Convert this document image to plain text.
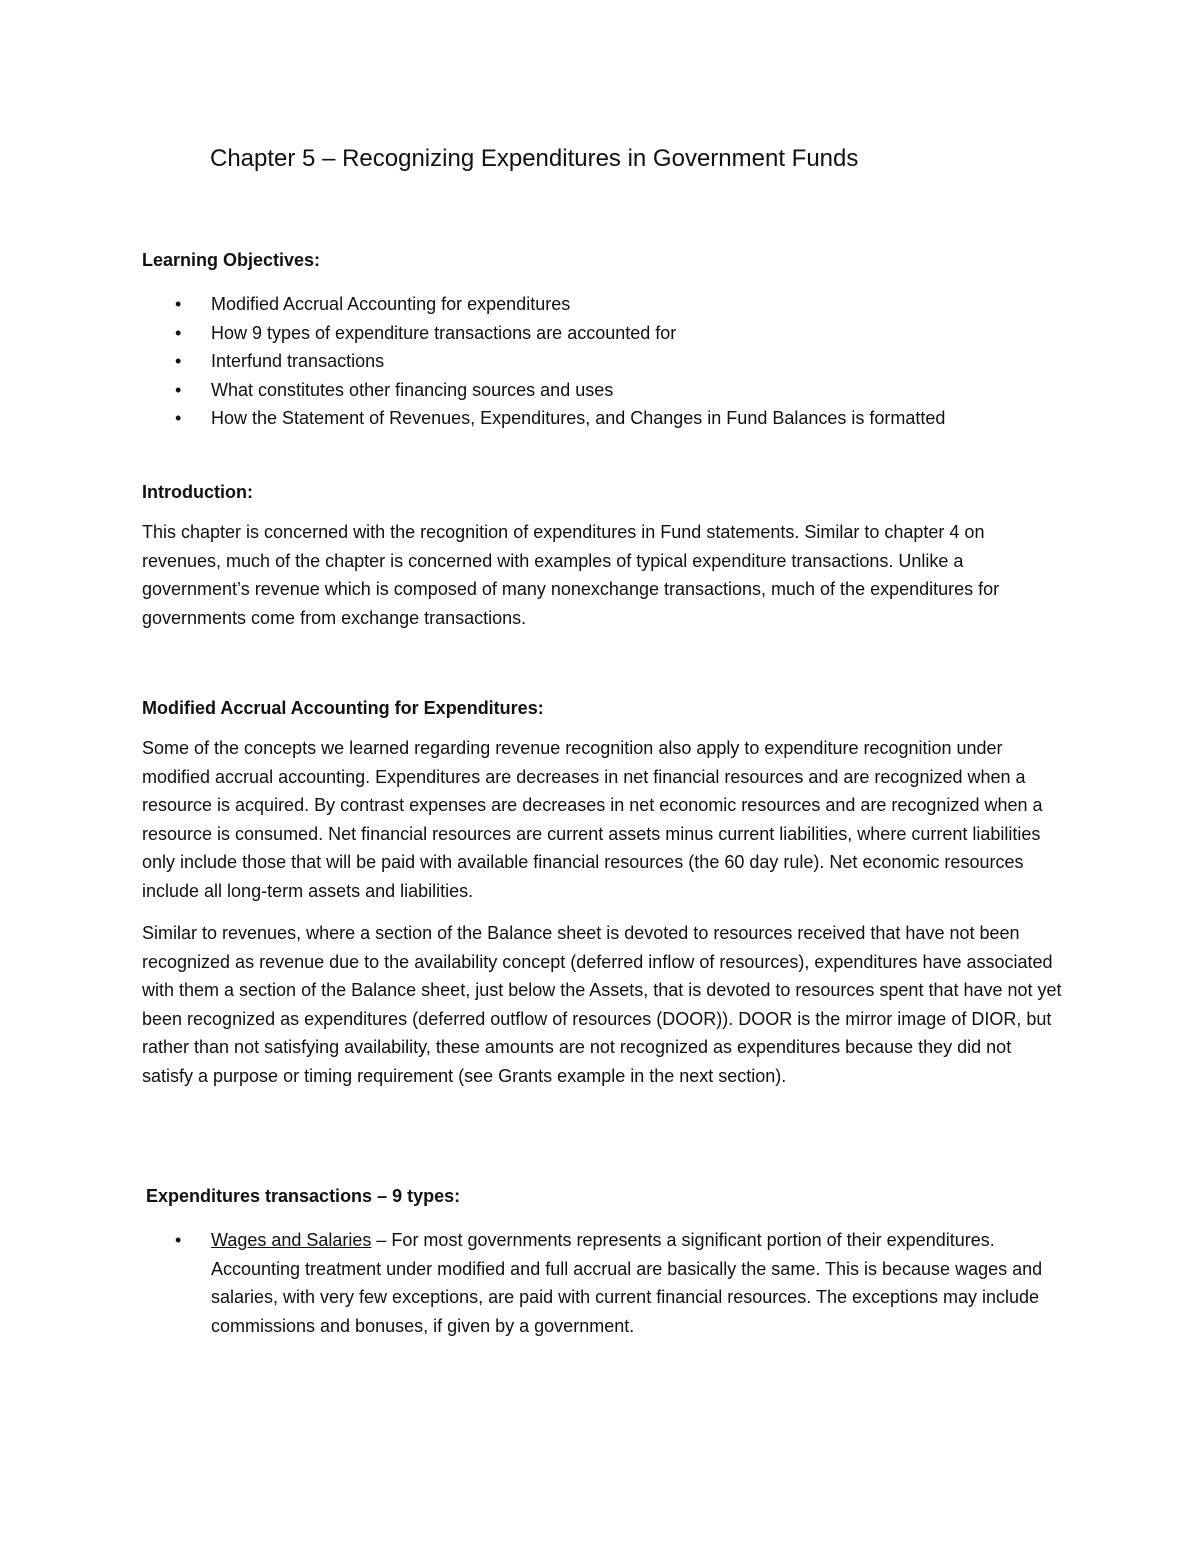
Chapter 5 – Recognizing Expenditures in Government Funds

Learning Objectives:

• Modified Accrual Accounting for expenditures
• How 9 types of expenditure transactions are accounted for
• Interfund transactions
• What constitutes other financing sources and uses
• How the Statement of Revenues, Expenditures, and Changes in Fund Balances is formatted

Introduction:

This chapter is concerned with the recognition of expenditures in Fund statements. Similar to chapter 4 on revenues, much of the chapter is concerned with examples of typical expenditure transactions. Unlike a government’s revenue which is composed of many nonexchange transactions, much of the expenditures for governments come from exchange transactions.

Modified Accrual Accounting for Expenditures:

Some of the concepts we learned regarding revenue recognition also apply to expenditure recognition under modified accrual accounting. Expenditures are decreases in net financial resources and are recognized when a resource is acquired. By contrast expenses are decreases in net economic resources and are recognized when a resource is consumed. Net financial resources are current assets minus current liabilities, where current liabilities only include those that will be paid with available financial resources (the 60 day rule). Net economic resources include all long-term assets and liabilities.

Similar to revenues, where a section of the Balance sheet is devoted to resources received that have not been recognized as revenue due to the availability concept (deferred inflow of resources), expenditures have associated with them a section of the Balance sheet, just below the Assets, that is devoted to resources spent that have not yet been recognized as expenditures (deferred outflow of resources (DOOR)). DOOR is the mirror image of DIOR, but rather than not satisfying availability, these amounts are not recognized as expenditures because they did not satisfy a purpose or timing requirement (see Grants example in the next section).

Expenditures transactions – 9 types:

• Wages and Salaries – For most governments represents a significant portion of their expenditures. Accounting treatment under modified and full accrual are basically the same. This is because wages and salaries, with very few exceptions, are paid with current financial resources. The exceptions may include commissions and bonuses, if given by a government.
